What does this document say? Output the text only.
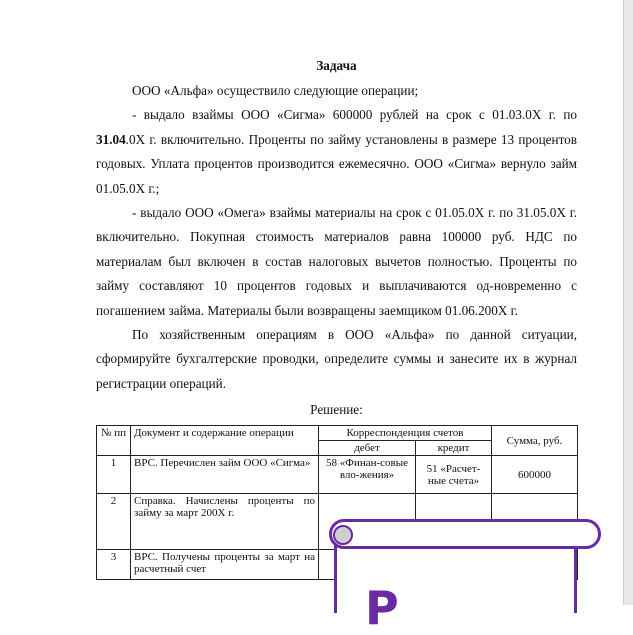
Задача

ООО «Альфа» осуществило следующие операции;

- выдало взаймы ООО «Сигма» 600000 рублей на срок с 01.03.0Х г. по 31.04.0Х г. включительно. Проценты по займу установлены в размере 13 процентов годовых. Уплата процентов производится ежемесячно. ООО «Сигма» вернуло займ 01.05.0Х г.;

- выдало ООО «Омега» взаймы материалы на срок с 01.05.0Х г. по 31.05.0Х г. включительно. Покупная стоимость материалов равна 100000 руб. НДС по материалам был включен в состав налоговых вычетов полностью. Проценты по займу составляют 10 процентов годовых и выплачиваются од-новременно с погашением займа. Материалы были возвращены заемщиком 01.06.200Х г.

По хозяйственным операциям в ООО «Альфа» по данной ситуации, сформируйте бухгалтерские проводки, определите суммы и занесите их в журнал регистрации операций.

Решение:

№ пп	Документ и содержание операции	Корреспонденция счетов		Сумма, руб.
		дебет	кредит	
1	ВРС. Перечислен займ ООО «Сигма»	58 «Финан-совые вло-жения»	51 «Расчет-ные счета»	600000
2	Справка. Начислены проценты по займу за март 200Х г.			
3	ВРС. Получены проценты за март на расчетный счет			
Р
